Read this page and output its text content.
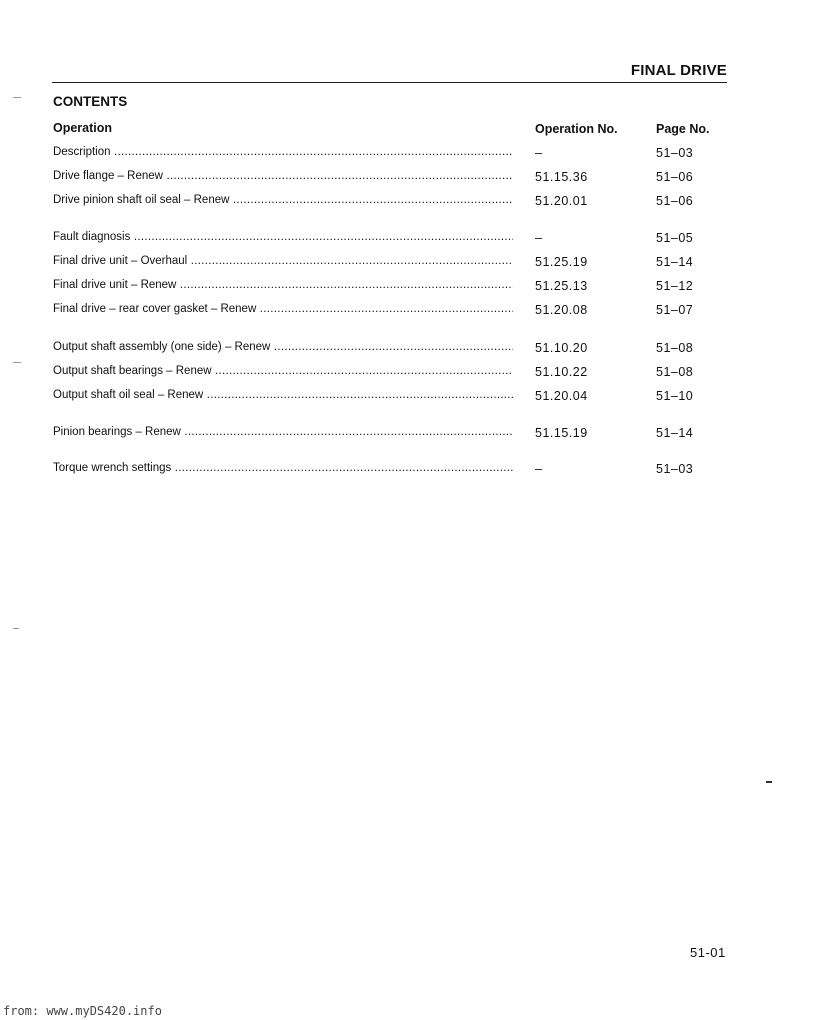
FINAL DRIVE
CONTENTS
Operation	Operation No.	Page No.
Description .....	–	51–03
Drive flange – Renew .....	51.15.36	51–06
Drive pinion shaft oil seal – Renew .....	51.20.01	51–06
Fault diagnosis .....	–	51–05
Final drive unit – Overhaul .....	51.25.19	51–14
Final drive unit – Renew .....	51.25.13	51–12
Final drive – rear cover gasket – Renew .....	51.20.08	51–07
Output shaft assembly (one side) – Renew .....	51.10.20	51–08
Output shaft bearings – Renew .....	51.10.22	51–08
Output shaft oil seal – Renew .....	51.20.04	51–10
Pinion bearings – Renew .....	51.15.19	51–14
Torque wrench settings .....	–	51–03
51-01
from: www.myDS420.info
